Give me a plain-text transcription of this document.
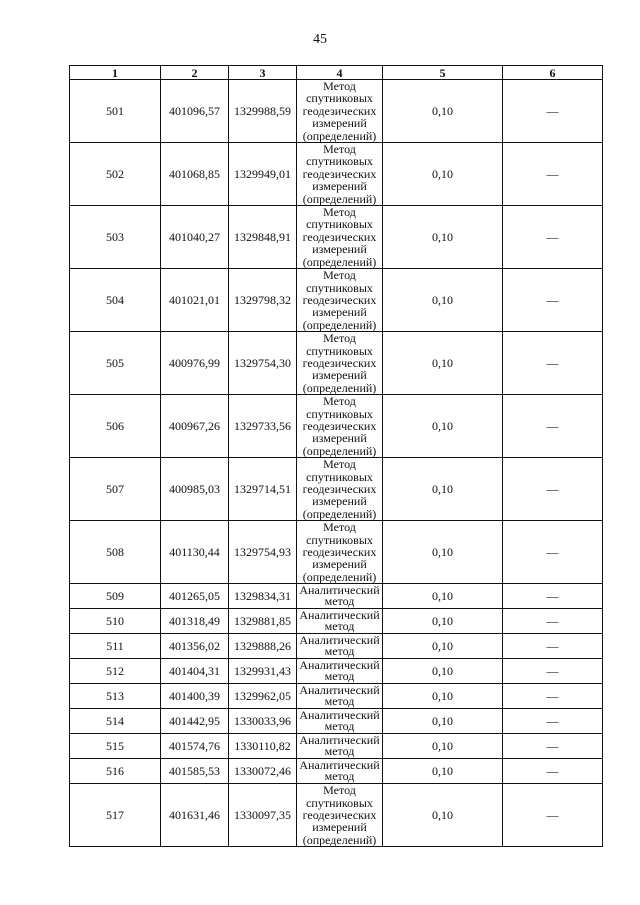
45
1	2	3	4	5	6
501	401096,57	1329988,59	Метод спутниковых геодезических измерений (определений)	0,10	—
502	401068,85	1329949,01	Метод спутниковых геодезических измерений (определений)	0,10	—
503	401040,27	1329848,91	Метод спутниковых геодезических измерений (определений)	0,10	—
504	401021,01	1329798,32	Метод спутниковых геодезических измерений (определений)	0,10	—
505	400976,99	1329754,30	Метод спутниковых геодезических измерений (определений)	0,10	—
506	400967,26	1329733,56	Метод спутниковых геодезических измерений (определений)	0,10	—
507	400985,03	1329714,51	Метод спутниковых геодезических измерений (определений)	0,10	—
508	401130,44	1329754,93	Метод спутниковых геодезических измерений (определений)	0,10	—
509	401265,05	1329834,31	Аналитический метод	0,10	—
510	401318,49	1329881,85	Аналитический метод	0,10	—
511	401356,02	1329888,26	Аналитический метод	0,10	—
512	401404,31	1329931,43	Аналитический метод	0,10	—
513	401400,39	1329962,05	Аналитический метод	0,10	—
514	401442,95	1330033,96	Аналитический метод	0,10	—
515	401574,76	1330110,82	Аналитический метод	0,10	—
516	401585,53	1330072,46	Аналитический метод	0,10	—
517	401631,46	1330097,35	Метод спутниковых геодезических измерений (определений)	0,10	—
